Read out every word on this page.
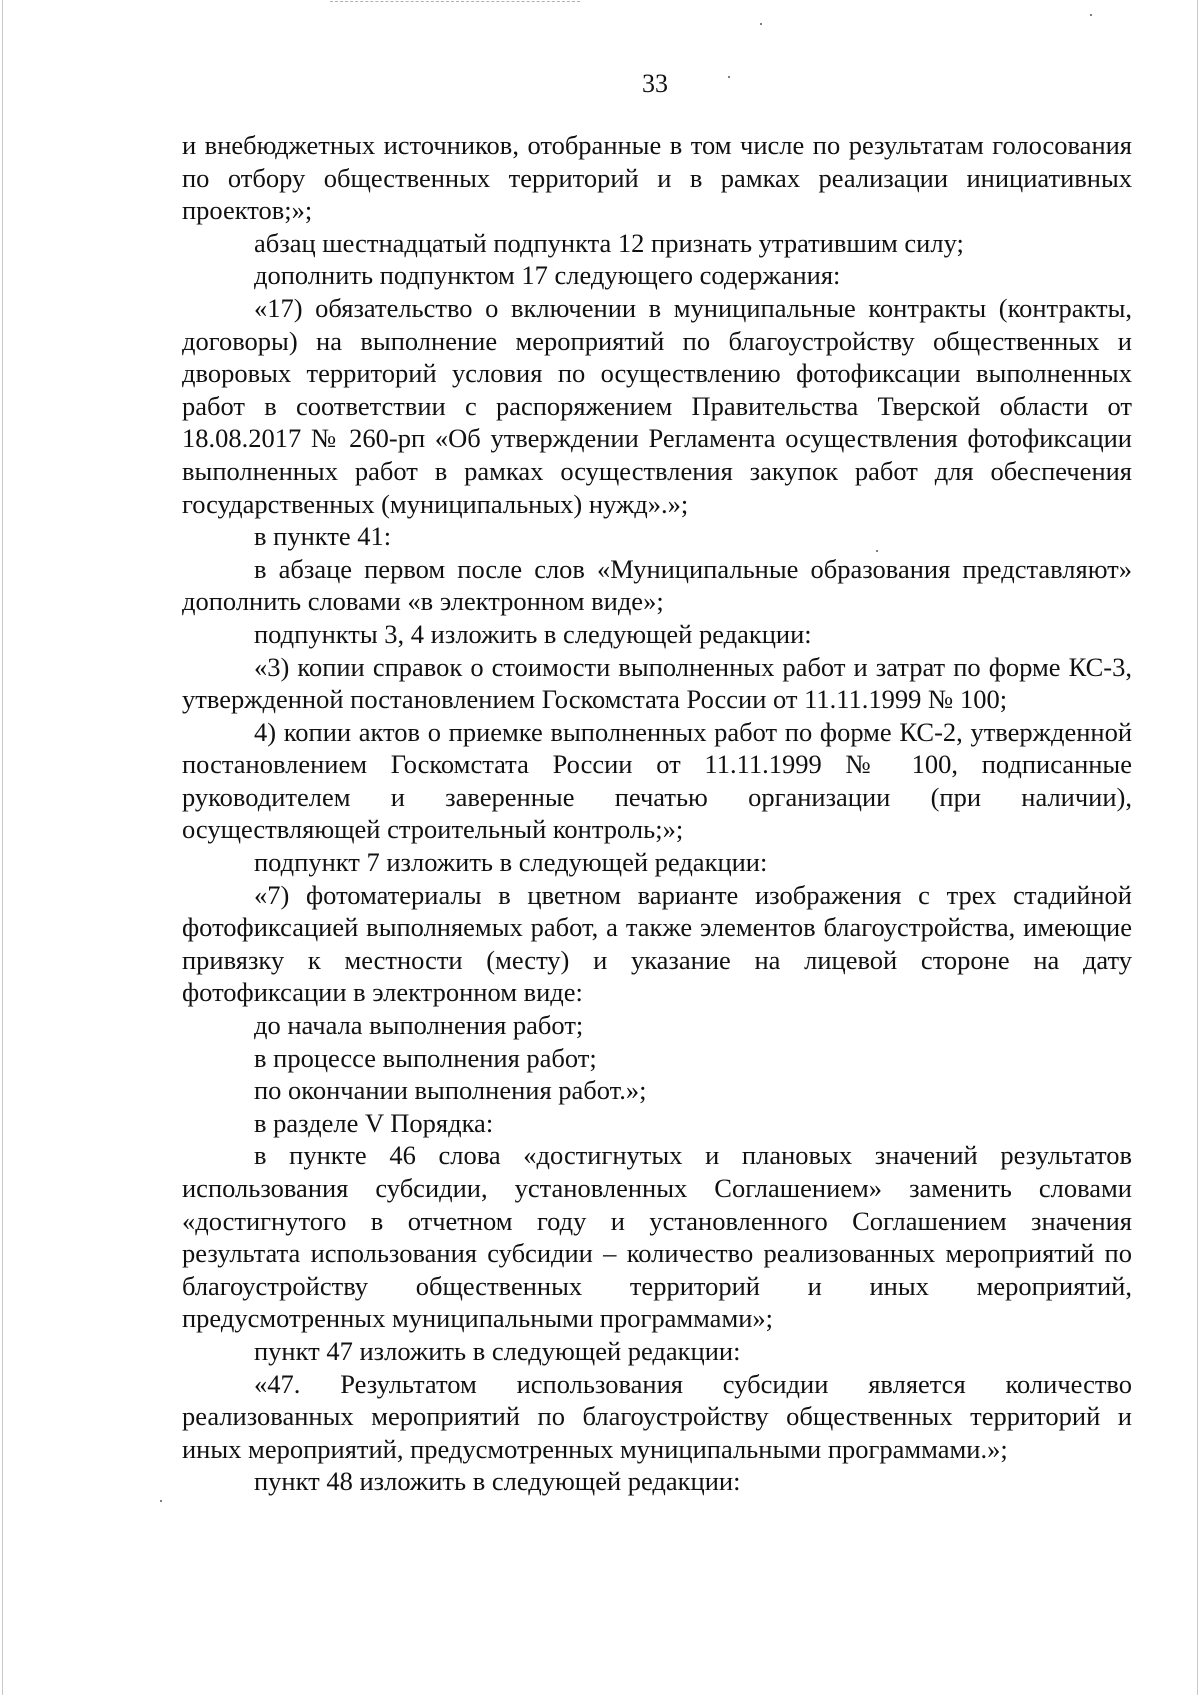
33

и внебюджетных источников, отобранные в том числе по результатам голосования по отбору общественных территорий и в рамках реализации инициативных проектов;»;

абзац шестнадцатый подпункта 12 признать утратившим силу;

дополнить подпунктом 17 следующего содержания:

«17) обязательство о включении в муниципальные контракты (контракты, договоры) на выполнение мероприятий по благоустройству общественных и дворовых территорий условия по осуществлению фотофиксации выполненных работ в соответствии с распоряжением Правительства Тверской области от 18.08.2017 № 260-рп «Об утверждении Регламента осуществления фотофиксации выполненных работ в рамках осуществления закупок работ для обеспечения государственных (муниципальных) нужд».»;

в пункте 41:

в абзаце первом после слов «Муниципальные образования представляют» дополнить словами «в электронном виде»;

подпункты 3, 4 изложить в следующей редакции:

«3) копии справок о стоимости выполненных работ и затрат по форме КС-3, утвержденной постановлением Госкомстата России от 11.11.1999 № 100;

4) копии актов о приемке выполненных работ по форме КС-2, утвержденной постановлением Госкомстата России от 11.11.1999 № 100, подписанные руководителем и заверенные печатью организации (при наличии), осуществляющей строительный контроль;»;

подпункт 7 изложить в следующей редакции:

«7) фотоматериалы в цветном варианте изображения с трех стадийной фотофиксацией выполняемых работ, а также элементов благоустройства, имеющие привязку к местности (месту) и указание на лицевой стороне на дату фотофиксации в электронном виде:

до начала выполнения работ;

в процессе выполнения работ;

по окончании выполнения работ.»;

в разделе V Порядка:

в пункте 46 слова «достигнутых и плановых значений результатов использования субсидии, установленных Соглашением» заменить словами «достигнутого в отчетном году и установленного Соглашением значения результата использования субсидии – количество реализованных мероприятий по благоустройству общественных территорий и иных мероприятий, предусмотренных муниципальными программами»;

пункт 47 изложить в следующей редакции:

«47. Результатом использования субсидии является количество реализованных мероприятий по благоустройству общественных территорий и иных мероприятий, предусмотренных муниципальными программами.»;

пункт 48 изложить в следующей редакции:
